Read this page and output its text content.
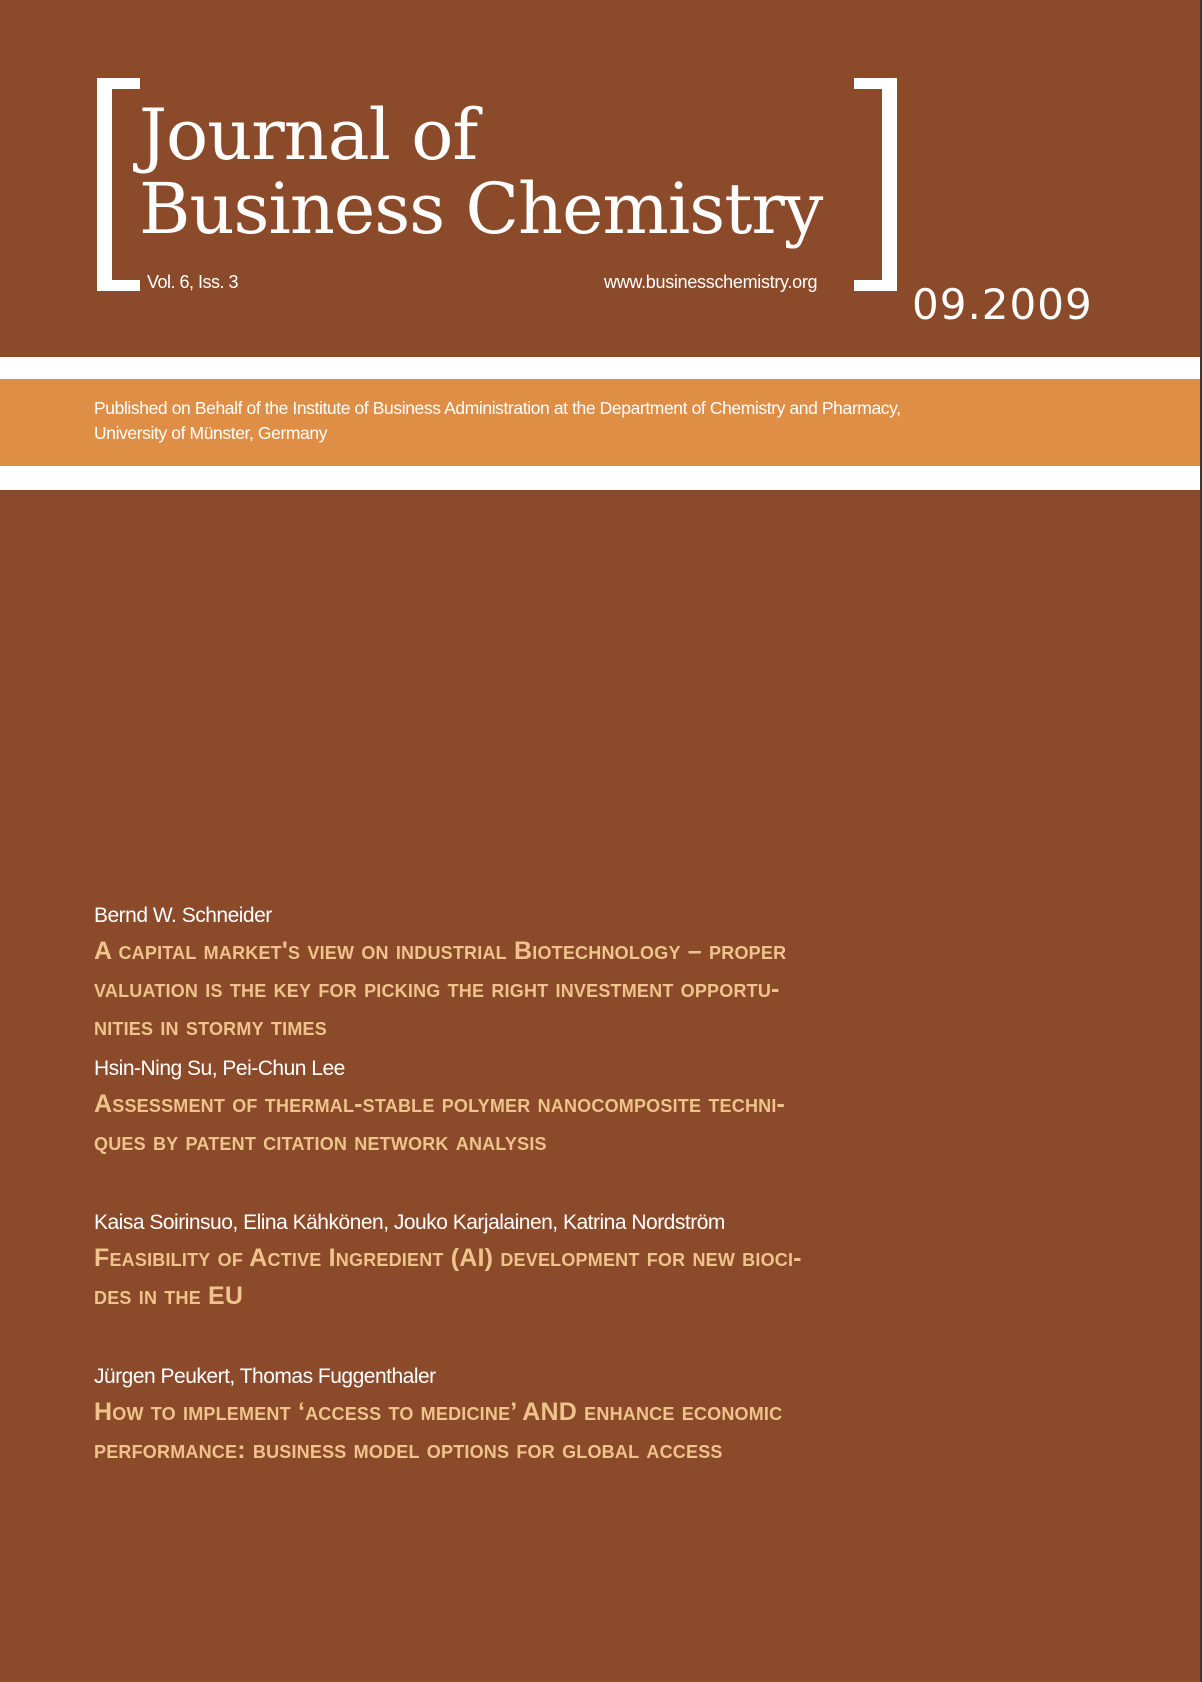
Journal of
Business Chemistry
Vol. 6, Iss. 3	www.businesschemistry.org 09.2009

Published on Behalf of the Institute of Business Administration at the Department of Chemistry and Pharmacy,
University of Münster, Germany

Bernd W. Schneider
A capital market's view on industrial Biotechnology – proper
valuation is the key for picking the right investment opportu-
nities in stormy times
Hsin-Ning Su, Pei-Chun Lee
Assessment of thermal-stable polymer nanocomposite techni-
ques by patent citation network analysis
Kaisa Soirinsuo, Elina Kähkönen, Jouko Karjalainen, Katrina Nordström
Feasibility of Active Ingredient (AI) development for new bioci-
des in the EU
Jürgen Peukert, Thomas Fuggenthaler
How to implement ‘access to medicine’ AND enhance economic
performance: business model options for global access
